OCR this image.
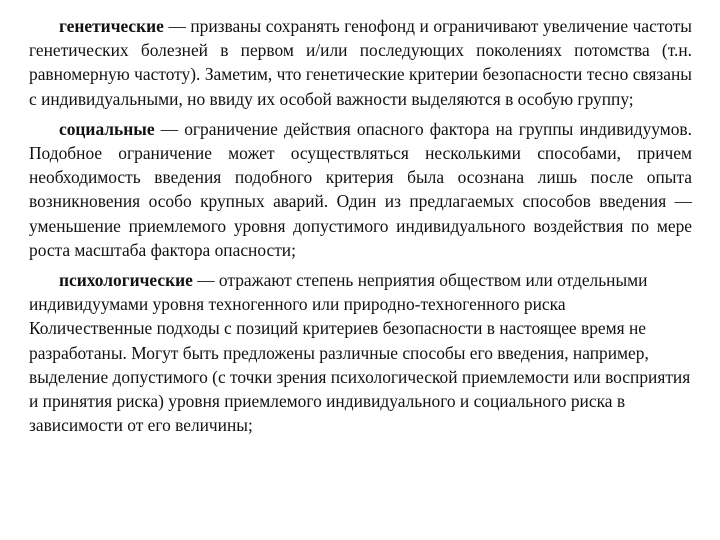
генетические — призваны сохранять генофонд и ограничивают увеличение частоты генетических болезней в первом и/или последующих поколениях потомства (т.н. равномерную частоту). Заметим, что генетические критерии безопасности тесно связаны с индивидуальными, но ввиду их особой важности выделяются в особую группу;

социальные — ограничение действия опасного фактора на группы индивидуумов. Подобное ограничение может осуществляться несколькими способами, причем необходимость введения подобного критерия была осознана лишь после опыта возникновения особо крупных аварий. Один из предлагаемых способов введения — уменьшение приемлемого уровня допустимого индивидуального воздействия по мере роста масштаба фактора опасности;

психологические — отражают степень неприятия обществом или отдельными индивидуумами уровня техногенного или природно-техногенного риска Количественные подходы с позиций критериев безопасности в настоящее время не разработаны. Могут быть предложены различные способы его введения, например, выделение допустимого (с точки зрения психологической приемлемости или восприятия и принятия риска) уровня приемлемого индивидуального и социального риска в зависимости от его величины;
